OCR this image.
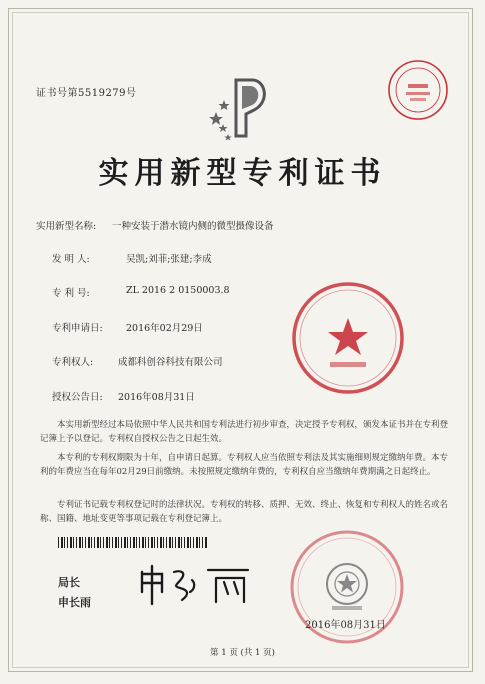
证书号第5519279号
实用新型专利证书
实用新型名称: 一种安装于潜水镜内侧的微型摄像设备
发 明 人:	吴凯;刘菲;张建;李成
专 利 号:	ZL 2016 2 0150003.8
专利申请日: 2016年02月29日
专利权人:	成都科创谷科技有限公司
授权公告日: 2016年08月31日
本实用新型经过本局依照中华人民共和国专利法进行初步审查，决定授予专利权，颁发本证书并在专利登记簿上予以登记。专利权自授权公告之日起生效。
本专利的专利权期限为十年，自申请日起算。专利权人应当依照专利法及其实施细则规定缴纳年费。本专利的年费应当在每年02月29日前缴纳。未按照规定缴纳年费的，专利权自应当缴纳年费期满之日起终止。
专利证书记载专利权登记时的法律状况。专利权的转移、质押、无效、终止、恢复和专利权人的姓名或名称、国籍、地址变更等事项记载在专利登记簿上。
局长
申长雨
2016年08月31日
第 1 页 (共 1 页)
